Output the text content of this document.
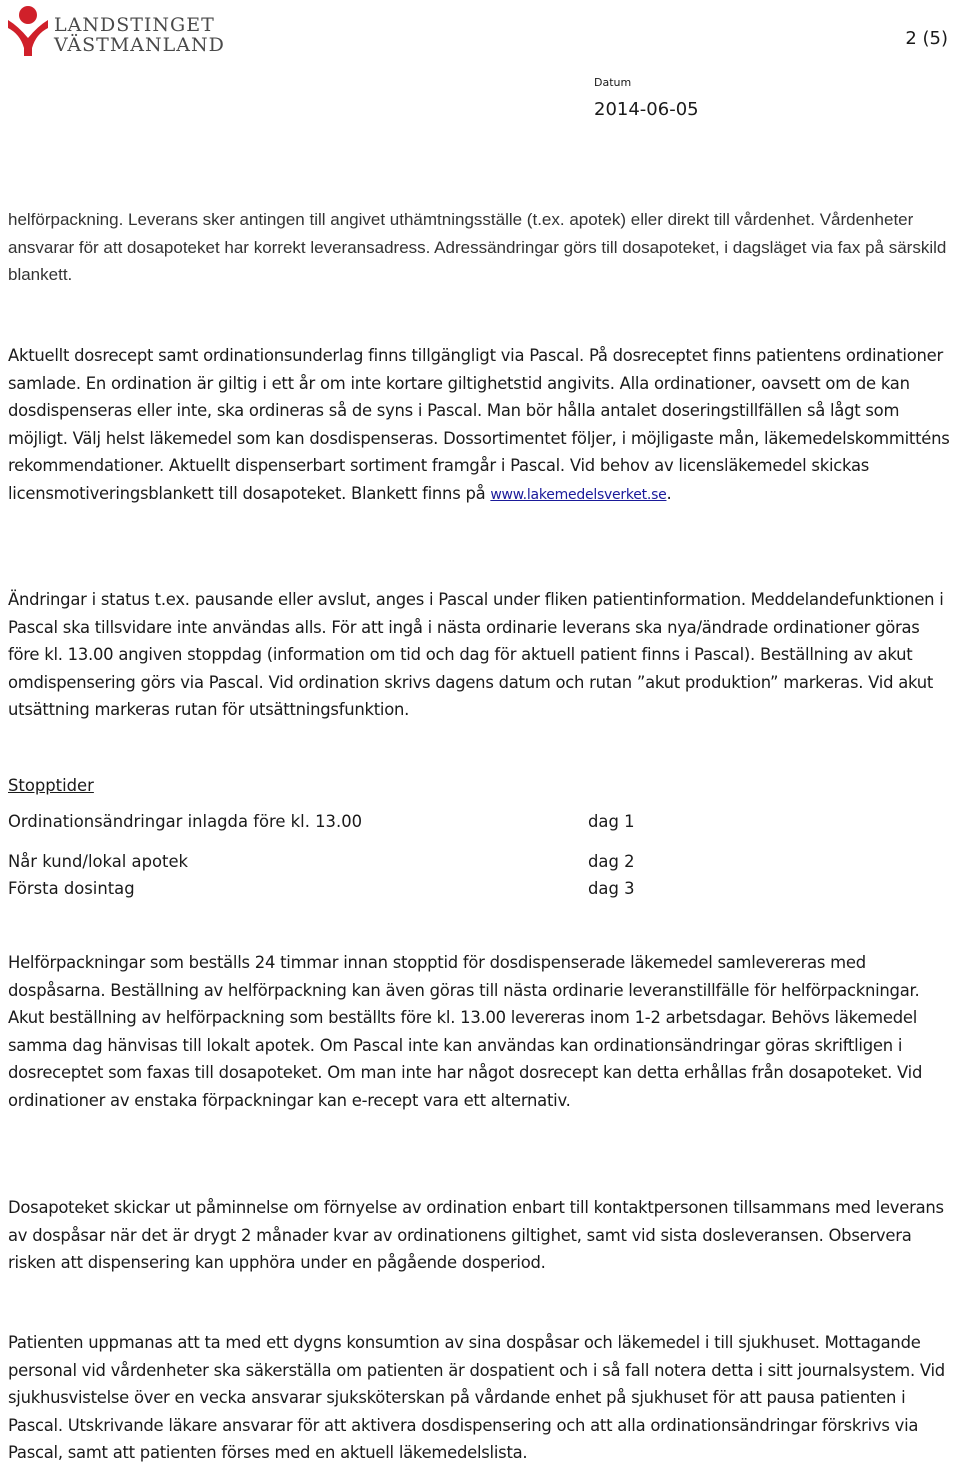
LANDSTINGET
VÄSTMANLAND	2 (5)
Datum
2014-06-05

helförpackning. Leverans sker antingen till angivet uthämtningsställe (t.ex. apotek) eller direkt till vårdenhet. Vårdenheter ansvarar för att dosapoteket har korrekt leveransadress. Adressändringar görs till dosapoteket, i dagsläget via fax på särskild blankett.

Aktuellt dosrecept samt ordinationsunderlag finns tillgängligt via Pascal. På dosreceptet finns patientens ordinationer samlade. En ordination är giltig i ett år om inte kortare giltighetstid angivits. Alla ordinationer, oavsett om de kan dosdispenseras eller inte, ska ordineras så de syns i Pascal. Man bör hålla antalet doseringstillfällen så lågt som möjligt. Välj helst läkemedel som kan dosdispenseras. Dossortimentet följer, i möjligaste mån, läkemedelskommitténs rekommendationer. Aktuellt dispenserbart sortiment framgår i Pascal. Vid behov av licensläkemedel skickas licensmotiveringsblankett till dosapoteket. Blankett finns på www.lakemedelsverket.se.

Ändringar i status t.ex. pausande eller avslut, anges i Pascal under fliken patientinformation. Meddelandefunktionen i Pascal ska tillsvidare inte användas alls. För att ingå i nästa ordinarie leverans ska nya/ändrade ordinationer göras före kl. 13.00 angiven stoppdag (information om tid och dag för aktuell patient finns i Pascal). Beställning av akut omdispensering görs via Pascal. Vid ordination skrivs dagens datum och rutan ”akut produktion” markeras. Vid akut utsättning markeras rutan för utsättningsfunktion.

Stopptider
Ordinationsändringar inlagda före kl. 13.00	dag 1
Når kund/lokal apotek	dag 2
Första dosintag	dag 3

Helförpackningar som beställs 24 timmar innan stopptid för dosdispenserade läkemedel samlevereras med dospåsarna. Beställning av helförpackning kan även göras till nästa ordinarie leveranstillfälle för helförpackningar. Akut beställning av helförpackning som beställts före kl. 13.00 levereras inom 1-2 arbetsdagar. Behövs läkemedel samma dag hänvisas till lokalt apotek. Om Pascal inte kan användas kan ordinationsändringar göras skriftligen i dosreceptet som faxas till dosapoteket. Om man inte har något dosrecept kan detta erhållas från dosapoteket. Vid ordinationer av enstaka förpackningar kan e-recept vara ett alternativ.

Dosapoteket skickar ut påminnelse om förnyelse av ordination enbart till kontaktpersonen tillsammans med leverans av dospåsar när det är drygt 2 månader kvar av ordinationens giltighet, samt vid sista dosleveransen. Observera risken att dispensering kan upphöra under en pågående dosperiod.

Patienten uppmanas att ta med ett dygns konsumtion av sina dospåsar och läkemedel i till sjukhuset. Mottagande personal vid vårdenheter ska säkerställa om patienten är dospatient och i så fall notera detta i sitt journalsystem. Vid sjukhusvistelse över en vecka ansvarar sjuksköterskan på vårdande enhet på sjukhuset för att pausa patienten i Pascal. Utskrivande läkare ansvarar för att aktivera dosdispensering och att alla ordinationsändringar förskrivs via Pascal, samt att patienten förses med en aktuell läkemedelslista.
